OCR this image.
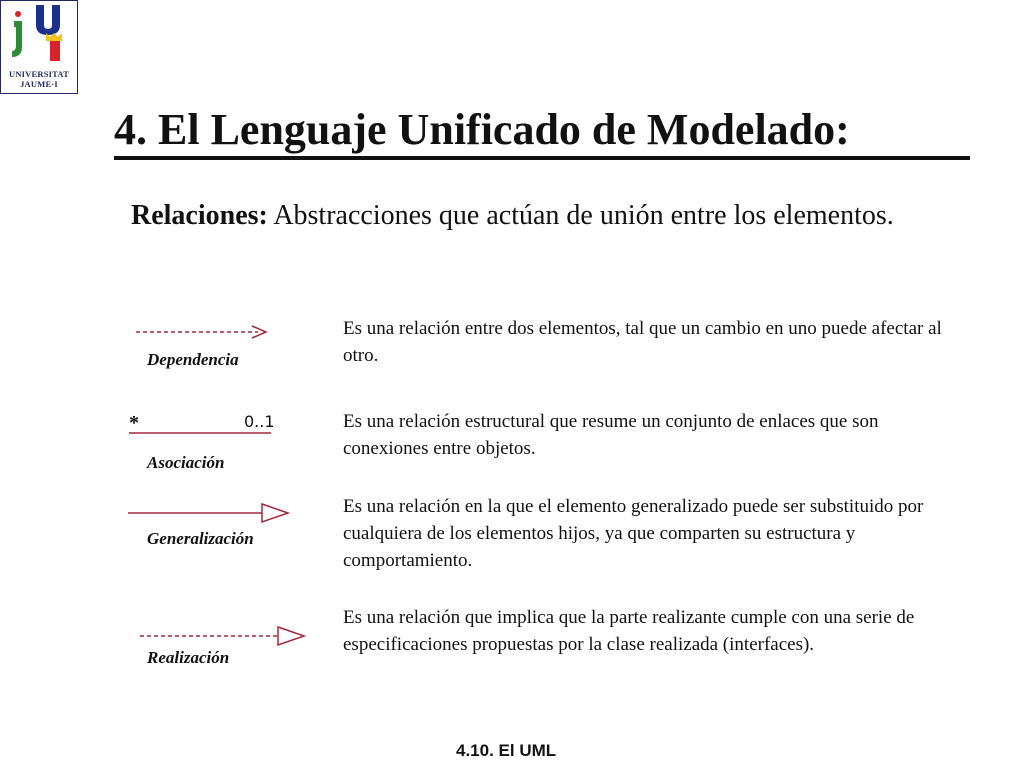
UNIVERSITAT
JAUME·I
4. El Lenguaje Unificado de Modelado:
Relaciones: Abstracciones que actúan de unión entre los elementos.
Dependencia
Es una relación entre dos elementos, tal que un cambio en uno puede afectar al otro.
*	0..1
Asociación
Es una relación estructural que resume un conjunto de enlaces que son conexiones entre objetos.
Generalización
Es una relación en la que el elemento generalizado puede ser substituido por cualquiera de los elementos hijos, ya que comparten su estructura y comportamiento.
Realización
Es una relación que implica que la parte realizante cumple con una serie de especificaciones propuestas por la clase realizada (interfaces).
4.10. El UML
